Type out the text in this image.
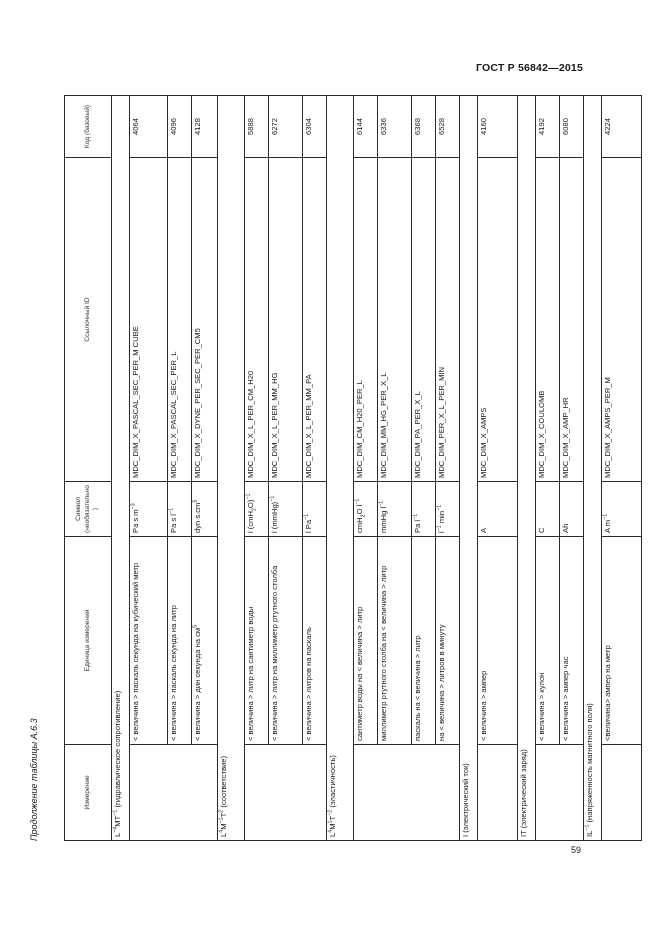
ГОСТ Р 56842—2015
Продолжение таблицы А.6.3	Измерение	Единица измерения	Символ (необязательно)	Ссылочный ID	Код (базовый)
$L^{-4}MT^{-1}$ (гидравлическое сопротивление)				
	< величина > паскаль секунда на кубический метр	Pa s $m^{-3}$	MDC_DIM_X_PASCAL_SEC_PER_M CUBE	4064
	< величина > паскаль секунда на литр	Pa s $l^{-1}$	MDC_DIM_X_PASCAL_SEC_PER_L	4096
	< величина > дин секунда на $см^5$	dyn $s.cm^5$	MDC_DIM_X_DYNE_PER_SEC_PER_CM5	4128
$L^4M^{-1}T^2$ (соответствие)				
	< величина > литр на сантиметр воды	l $(cmH_2O)^{-1}$	MDC_DIM_X_L_PER_CM_H20	5888
	< величина > литр на миллиметр ртутного столба	l (mmHg)$^{-1}$	MDC_DIM_X_L_PER_MM_HG	6272
	< величина > литров на паскаль	l $Pa^{-1}$	MDC_DIM_X_L_PER_MM_PA	6304
$L^4M^1T^{-2}$ (эластичность)				
	сантиметр воды на < величина > литр	cmH$_2$O $l^{-1}$	MDC_DIM_CM_H20_PER_L	6144
	миллиметр ртутного столба на < величина > литр	mmHg $l^{-1}$	MDC_DIM_MM_HG_PER_X_L	6336
	паскаль на < величина > литр	Pa $l^{-1}$	MDC_DIM_PA_PER_X_L	6368
	на < величина > литров в минуту	$l^{-1}$ $\min^{-1}$	MDC_DIM_PER_X_L_PER_MIN	6528
I (электрический ток)				
	< величина > ампер	A	MDC_DIM_X_AMPS	4160
IT (электрический заряд)				
	< величина > кулон	C	MDC_DIM_X_COULOMB	4192
	< величина > ампер час	Ah	MDC_DIM_X_AMP_HR	6080
$IL^{-1}$ (напряженность магнитного поля)				
	<величина> ампер на метр	A $m^{-1}$	MDC_DIM_X_AMPS_PER_M	4224
59
